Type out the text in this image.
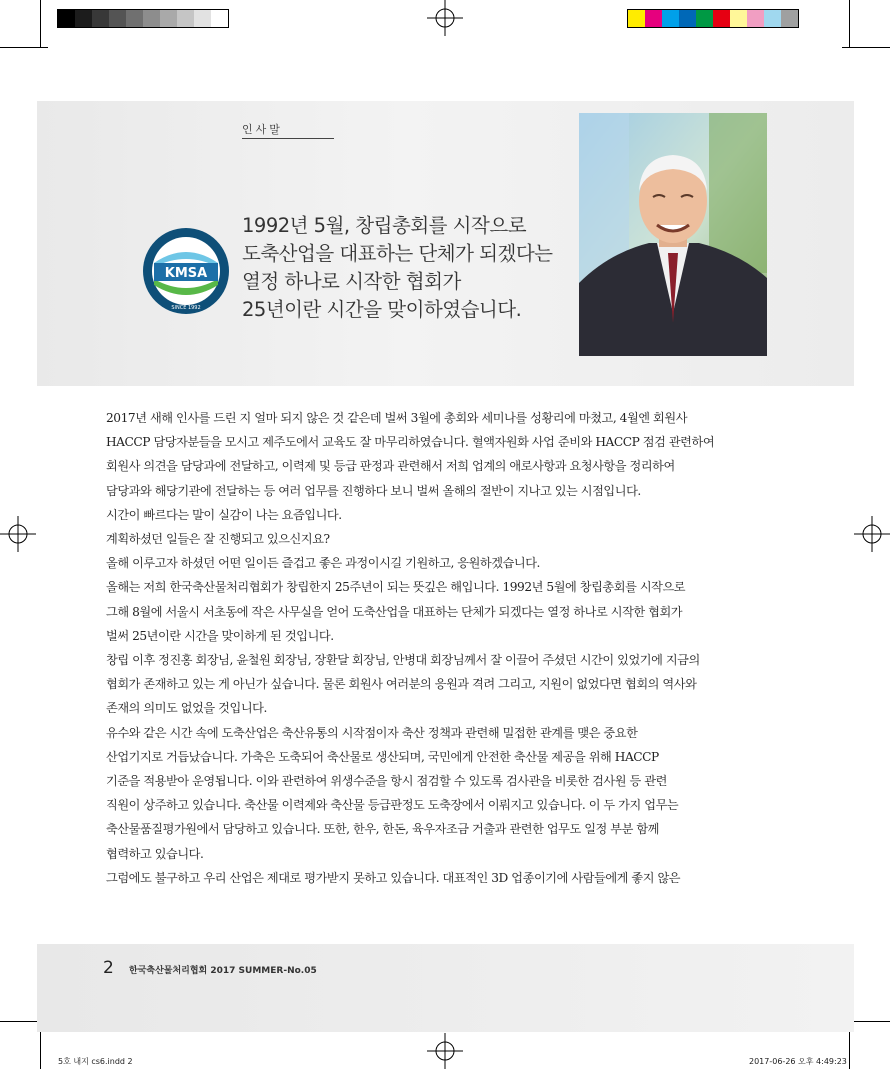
인사말
KMSA
SINCE 1992
1992년 5월, 창립총회를 시작으로
도축산업을 대표하는 단체가 되겠다는
열정 하나로 시작한 협회가
25년이란 시간을 맞이하였습니다.
2017년 새해 인사를 드린 지 얼마 되지 않은 것 같은데 벌써 3월에 총회와 세미나를 성황리에 마쳤고, 4월엔 회원사
HACCP 담당자분들을 모시고 제주도에서 교육도 잘 마무리하였습니다. 혈액자원화 사업 준비와 HACCP 점검 관련하여
회원사 의견을 담당과에 전달하고, 이력제 및 등급 판정과 관련해서 저희 업계의 애로사항과 요청사항을 정리하여
담당과와 해당기관에 전달하는 등 여러 업무를 진행하다 보니 벌써 올해의 절반이 지나고 있는 시점입니다.
시간이 빠르다는 말이 실감이 나는 요즘입니다.
계획하셨던 일들은 잘 진행되고 있으신지요?
올해 이루고자 하셨던 어떤 일이든 즐겁고 좋은 과정이시길 기원하고, 응원하겠습니다.
올해는 저희 한국축산물처리협회가 창립한지 25주년이 되는 뜻깊은 해입니다. 1992년 5월에 창립총회를 시작으로
그해 8월에 서울시 서초동에 작은 사무실을 얻어 도축산업을 대표하는 단체가 되겠다는 열정 하나로 시작한 협회가
벌써 25년이란 시간을 맞이하게 된 것입니다.
창립 이후 정진홍 회장님, 윤철원 회장님, 장환달 회장님, 안병대 회장님께서 잘 이끌어 주셨던 시간이 있었기에 지금의
협회가 존재하고 있는 게 아닌가 싶습니다. 물론 회원사 여러분의 응원과 격려 그리고, 지원이 없었다면 협회의 역사와
존재의 의미도 없었을 것입니다.
유수와 같은 시간 속에 도축산업은 축산유통의 시작점이자 축산 정책과 관련해 밀접한 관계를 맺은 중요한
산업기지로 거듭났습니다. 가축은 도축되어 축산물로 생산되며, 국민에게 안전한 축산물 제공을 위해 HACCP
기준을 적용받아 운영됩니다. 이와 관련하여 위생수준을 항시 점검할 수 있도록 검사관을 비롯한 검사원 등 관련
직원이 상주하고 있습니다. 축산물 이력제와 축산물 등급판정도 도축장에서 이뤄지고 있습니다. 이 두 가지 업무는
축산물품질평가원에서 담당하고 있습니다. 또한, 한우, 한돈, 육우자조금 거출과 관련한 업무도 일정 부분 함께
협력하고 있습니다.
그럼에도 불구하고 우리 산업은 제대로 평가받지 못하고 있습니다. 대표적인 3D 업종이기에 사람들에게 좋지 않은
2 한국축산물처리협회 2017 SUMMER-No.05
5호 내지 cs6.indd 2	2017-06-26 오후 4:49:23
